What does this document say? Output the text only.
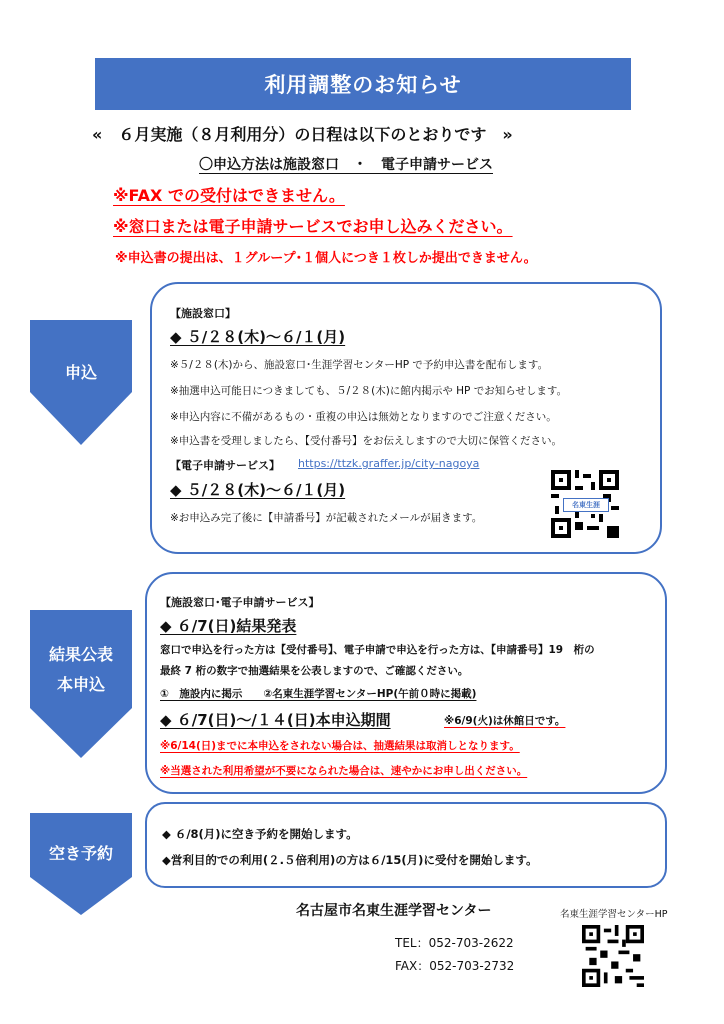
利用調整のお知らせ
«　６月実施（８月利用分）の日程は以下のとおりです　»
〇申込方法は施設窓口　・　電子申請サービス
※FAX での受付はできません。
※窓口または電子申請サービスでお申し込みください。
※申込書の提出は、１グループ･１個人につき１枚しか提出できません。
申込
【施設窓口】
◆ ５/２８(木)～６/１(月)
※５/２８(木)から、施設窓口･生涯学習センターHP で予約申込書を配布します。
※抽選申込可能日につきましても、５/２８(木)に館内掲示や HP でお知らせします。
※申込内容に不備があるもの・重複の申込は無効となりますのでご注意ください。
※申込書を受理しましたら、【受付番号】をお伝えしますので大切に保管ください。
【電子申請サービス】 https://ttzk.graffer.jp/city-nagoya
◆ ５/２８(木)～６/１(月)
※お申込み完了後に【申請番号】が記載されたメールが届きます。
名東生涯
結果公表
本申込
【施設窓口･電子申請サービス】
◆ ６/7(日)結果発表
窓口で申込を行った方は【受付番号】、電子申請で申込を行った方は、【申請番号】19　桁の
最終 7 桁の数字で抽選結果を公表しますので、ご確認ください。
①　施設内に掲示　　②名東生涯学習センターHP(午前０時に掲載)
◆ ６/7(日)～/１４(日)本申込期間	※6/9(火)は休館日です。
※6/14(日)までに本申込をされない場合は、抽選結果は取消しとなります。
※当選された利用希望が不要になられた場合は、速やかにお申し出ください。
空き予約
◆ ６/8(月)に空き予約を開始します。
◆営利目的での利用(２.５倍利用)の方は６/15(月)に受付を開始します。
名古屋市名東生涯学習センター	名東生涯学習センターHP
TEL：052-703-2622
FAX：052-703-2732
